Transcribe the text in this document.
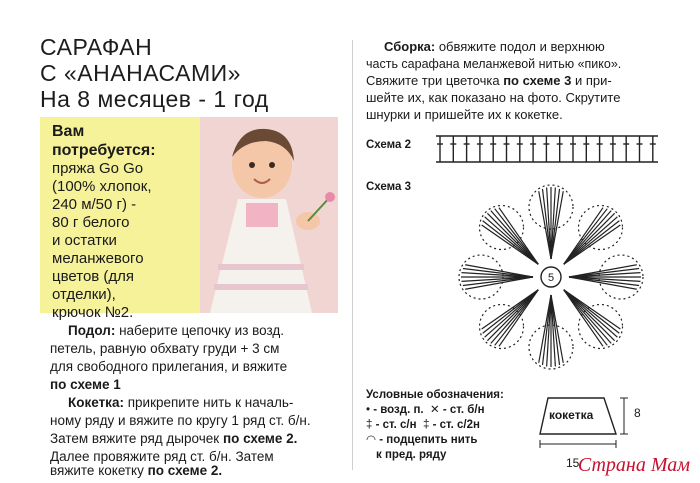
САРАФАН
С «АНАНАСАМИ»
На 8 месяцев - 1 год
Вам
потребуется:
пряжа Go Go
(100% хлопок,
240 м/50 г) -
80 г белого
и остатки
меланжевого
цветов (для
отделки),
крючок №2.
Подол: наберите цепочку из возд.
петель, равную обхвату груди + 3 см
для свободного прилегания, и вяжите
по схеме 1
Кокетка: прикрепите нить к началь-
ному ряду и вяжите по кругу 1 ряд ст. б/н.
Затем вяжите ряд дырочек по схеме 2.
Далее провяжите ряд ст. б/н. Затем
вяжите кокетку по схеме 2.
Сборка: обвяжите подол и верхнюю
часть сарафана меланжевой нитью «пико».
Свяжите три цветочка по схеме 3 и при-
шейте их, как показано на фото. Скрутите
шнурки и пришейте их к кокетке.
Схема 2
Схема 3
5
Условные обозначения:
• - возд. п.  ✕ - ст. б/н
‡ - ст. с/н  ‡ - ст. с/2н
◠ - подцепить нить
к пред. ряду
кокетка	8
15
Страна Мам
